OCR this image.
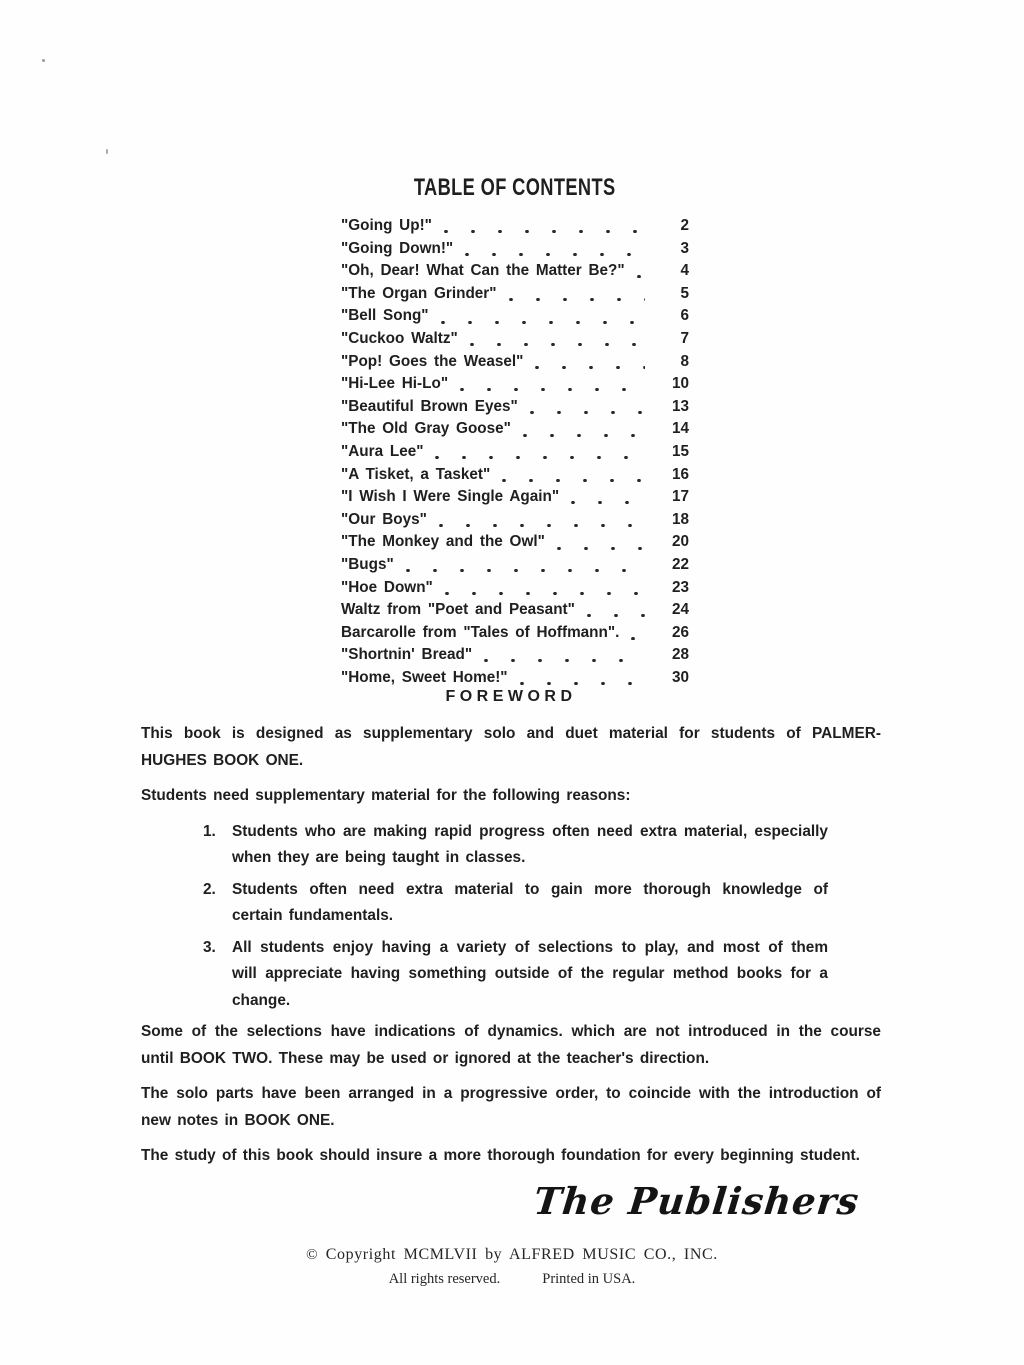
TABLE OF CONTENTS
"Going Up!"	2
"Going Down!"	3
"Oh, Dear! What Can the Matter Be?"	4
"The Organ Grinder"	5
"Bell Song"	6
"Cuckoo Waltz"	7
"Pop! Goes the Weasel"	8
"Hi-Lee Hi-Lo"	10
"Beautiful Brown Eyes"	13
"The Old Gray Goose"	14
"Aura Lee"	15
"A Tisket, a Tasket"	16
"I Wish I Were Single Again"	17
"Our Boys"	18
"The Monkey and the Owl"	20
"Bugs"	22
"Hoe Down"	23
Waltz from "Poet and Peasant"	24
Barcarolle from "Tales of Hoffmann".	26
"Shortnin' Bread"	28
"Home, Sweet Home!"	30
FOREWORD

This book is designed as supplementary solo and duet material for students of PALMER-HUGHES BOOK ONE.

Students need supplementary material for the following reasons:

1.	Students who are making rapid progress often need extra material, especially when they are being taught in classes.
2.	Students often need extra material to gain more thorough knowledge of certain fundamentals.
3.	All students enjoy having a variety of selections to play, and most of them will appreciate having something outside of the regular method books for a change.

Some of the selections have indications of dynamics. which are not introduced in the course until BOOK TWO. These may be used or ignored at the teacher's direction.

The solo parts have been arranged in a progressive order, to coincide with the introduction of new notes in BOOK ONE.

The study of this book should insure a more thorough foundation for every beginning student.

The Publishers
© Copyright MCMLVII by ALFRED MUSIC CO., INC.
All rights reserved.	Printed in USA.
